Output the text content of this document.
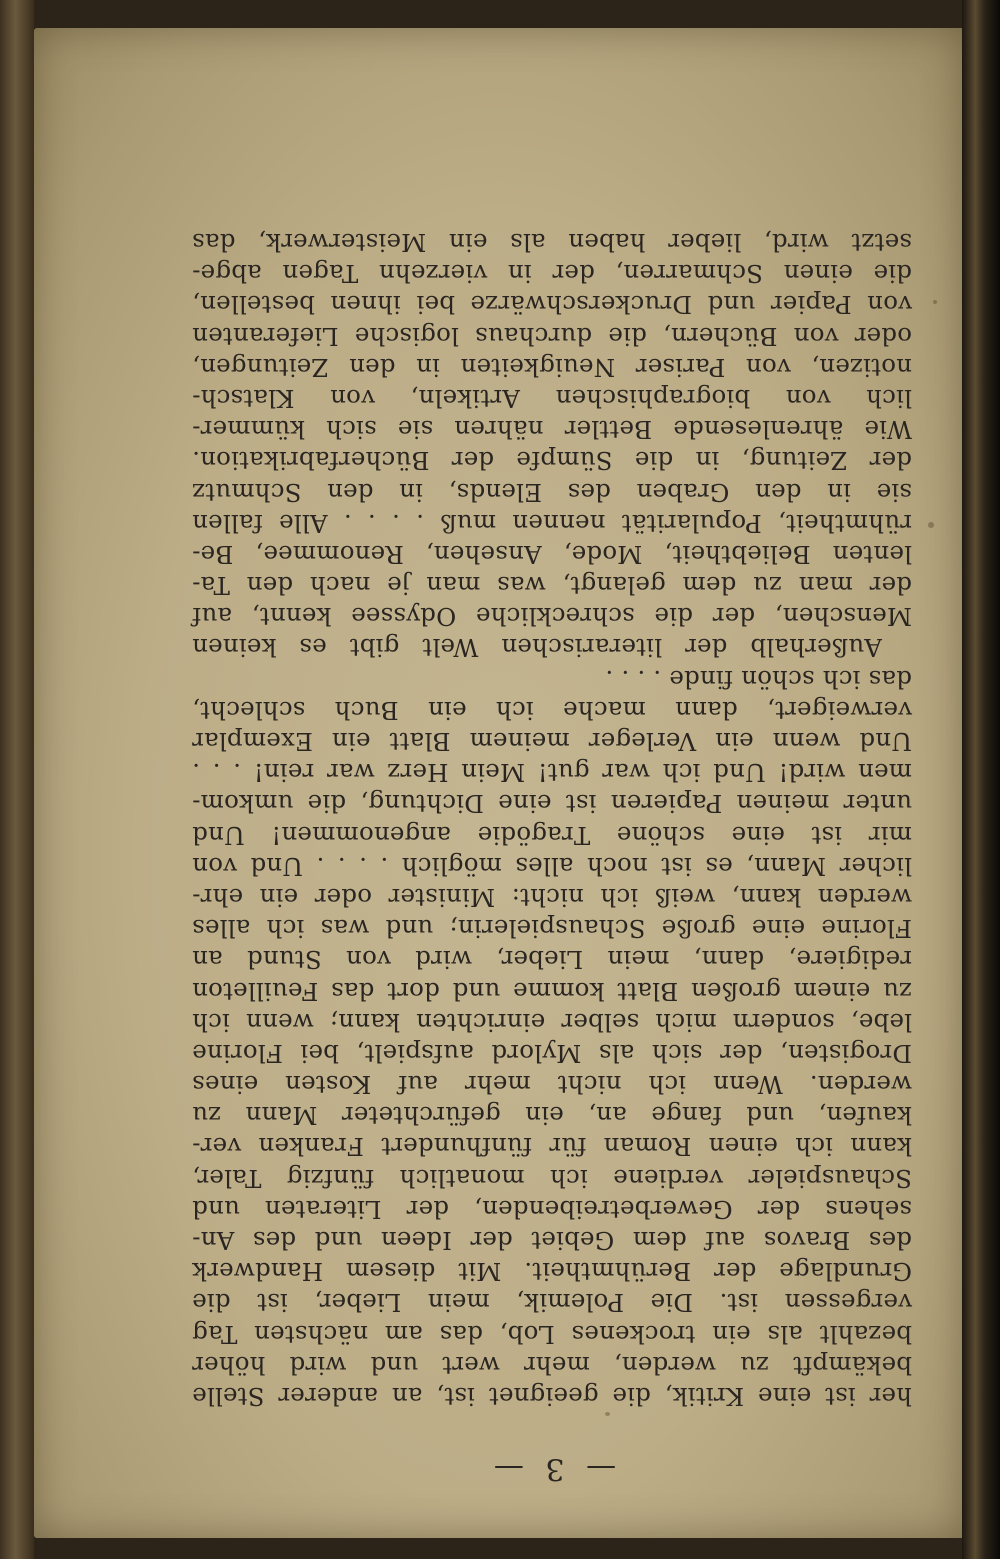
— 3 —
her ist eine Kritik, die geeignet ist, an anderer Stelle
bekämpft zu werden, mehr wert und wird höher
bezahlt als ein trockenes Lob, das am nächsten Tag
vergessen ist. Die Polemik, mein Lieber, ist die
Grundlage der Berühmtheit. Mit diesem Handwerk
des Bravos auf dem Gebiet der Ideen und des An-
sehens der Gewerbetreibenden, der Literaten und
Schauspieler verdiene ich monatlich fünfzig Taler,
kann ich einen Roman für fünfhundert Franken ver-
kaufen, und fange an, ein gefürchteter Mann zu
werden. Wenn ich nicht mehr auf Kosten eines
Drogisten, der sich als Mylord aufspielt, bei Florine
lebe, sondern mich selber einrichten kann; wenn ich
zu einem großen Blatt komme und dort das Feuilleton
redigiere, dann, mein Lieber, wird von Stund an
Florine eine große Schauspielerin; und was ich alles
werden kann, weiß ich nicht: Minister oder ein ehr-
licher Mann, es ist noch alles möglich . . . . Und von
mir ist eine schöne Tragödie angenommen! Und
unter meinen Papieren ist eine Dichtung, die umkom-
men wird! Und ich war gut! Mein Herz war rein! . . .
Und wenn ein Verleger meinem Blatt ein Exemplar
verweigert, dann mache ich ein Buch schlecht,
das ich schön finde . . . .
Außerhalb der literarischen Welt gibt es keinen
Menschen, der die schreckliche Odyssee kennt, auf
der man zu dem gelangt, was man je nach den Ta-
lenten Beliebtheit, Mode, Ansehen, Renommee, Be-
rühmtheit, Popularität nennen muß . . . . Alle fallen
sie in den Graben des Elends, in den Schmutz
der Zeitung, in die Sümpfe der Bücherfabrikation.
Wie ährenlesende Bettler nähren sie sich kümmer-
lich von biographischen Artikeln, von Klatsch-
notizen, von Pariser Neuigkeiten in den Zeitungen,
oder von Büchern, die durchaus logische Lieferanten
von Papier und Druckerschwärze bei ihnen bestellen,
die einen Schmarren, der in vierzehn Tagen abge-
setzt wird, lieber haben als ein Meisterwerk, das
